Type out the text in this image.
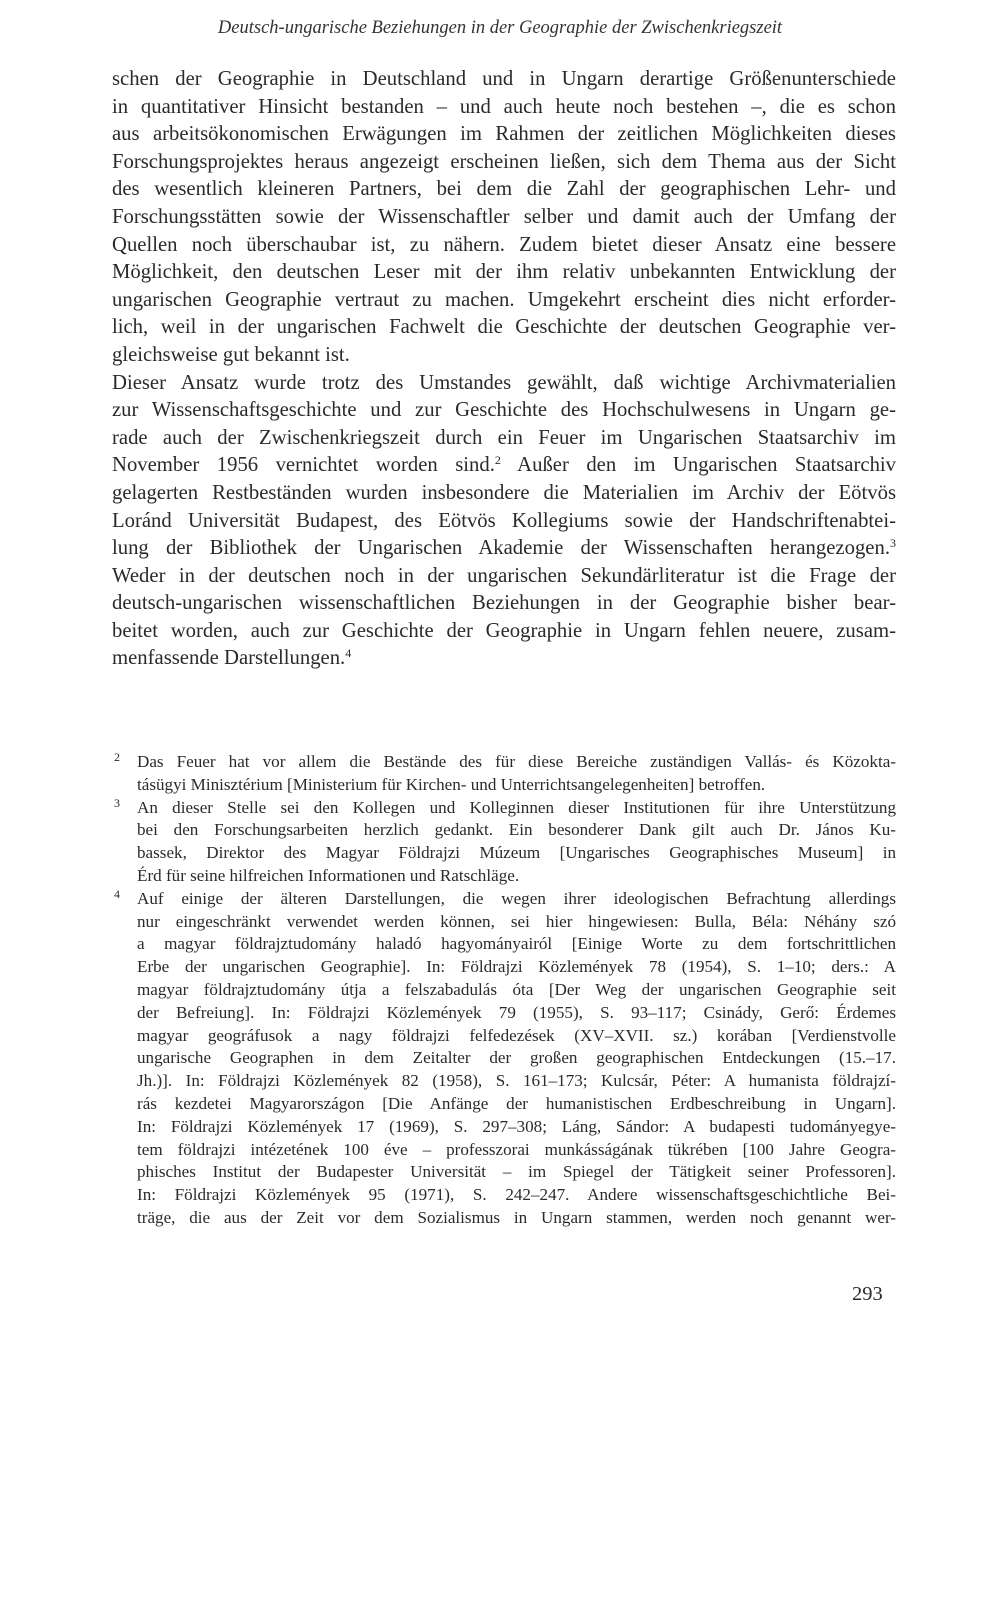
Deutsch-ungarische Beziehungen in der Geographie der Zwischenkriegszeit
schen der Geographie in Deutschland und in Ungarn derartige Größenunterschiede
in quantitativer Hinsicht bestanden – und auch heute noch bestehen –, die es schon
aus arbeitsökonomischen Erwägungen im Rahmen der zeitlichen Möglichkeiten dieses
Forschungsprojektes heraus angezeigt erscheinen ließen, sich dem Thema aus der Sicht
des wesentlich kleineren Partners, bei dem die Zahl der geographischen Lehr- und
Forschungsstätten sowie der Wissenschaftler selber und damit auch der Umfang der
Quellen noch überschaubar ist, zu nähern. Zudem bietet dieser Ansatz eine bessere
Möglichkeit, den deutschen Leser mit der ihm relativ unbekannten Entwicklung der
ungarischen Geographie vertraut zu machen. Umgekehrt erscheint dies nicht erforder-
lich, weil in der ungarischen Fachwelt die Geschichte der deutschen Geographie ver-
gleichsweise gut bekannt ist.
Dieser Ansatz wurde trotz des Umstandes gewählt, daß wichtige Archivmaterialien
zur Wissenschaftsgeschichte und zur Geschichte des Hochschulwesens in Ungarn ge-
rade auch der Zwischenkriegszeit durch ein Feuer im Ungarischen Staatsarchiv im
November 1956 vernichtet worden sind.$^2$ Außer den im Ungarischen Staatsarchiv
gelagerten Restbeständen wurden insbesondere die Materialien im Archiv der Eötvös
Loránd Universität Budapest, des Eötvös Kollegiums sowie der Handschriftenabtei-
lung der Bibliothek der Ungarischen Akademie der Wissenschaften herangezogen.$^3$
Weder in der deutschen noch in der ungarischen Sekundärliteratur ist die Frage der
deutsch-ungarischen wissenschaftlichen Beziehungen in der Geographie bisher bear-
beitet worden, auch zur Geschichte der Geographie in Ungarn fehlen neuere, zusam-
menfassende Darstellungen.$^4$
2 Das Feuer hat vor allem die Bestände des für diese Bereiche zuständigen Vallás- és Közokta-
tásügyi Minisztérium [Ministerium für Kirchen- und Unterrichtsangelegenheiten] betroffen.
3 An dieser Stelle sei den Kollegen und Kolleginnen dieser Institutionen für ihre Unterstützung
bei den Forschungsarbeiten herzlich gedankt. Ein besonderer Dank gilt auch Dr. János Ku-
bassek, Direktor des Magyar Földrajzi Múzeum [Ungarisches Geographisches Museum] in
Érd für seine hilfreichen Informationen und Ratschläge.
4 Auf einige der älteren Darstellungen, die wegen ihrer ideologischen Befrachtung allerdings
nur eingeschränkt verwendet werden können, sei hier hingewiesen: Bulla, Béla: Néhány szó
a magyar földrajztudomány haladó hagyományairól [Einige Worte zu dem fortschrittlichen
Erbe der ungarischen Geographie]. In: Földrajzi Közlemények 78 (1954), S. 1–10; ders.: A
magyar földrajztudomány útja a felszabadulás óta [Der Weg der ungarischen Geographie seit
der Befreiung]. In: Földrajzi Közlemények 79 (1955), S. 93–117; Csinády, Gerő: Érdemes
magyar geográfusok a nagy földrajzi felfedezések (XV–XVII. sz.) korában [Verdienstvolle
ungarische Geographen in dem Zeitalter der großen geographischen Entdeckungen (15.–17.
Jh.)]. In: Földrajzi Közlemények 82 (1958), S. 161–173; Kulcsár, Péter: A humanista földrajzí-
rás kezdetei Magyarországon [Die Anfänge der humanistischen Erdbeschreibung in Ungarn].
In: Földrajzi Közlemények 17 (1969), S. 297–308; Láng, Sándor: A budapesti tudományegye-
tem földrajzi intézetének 100 éve – professzorai munkásságának tükrében [100 Jahre Geogra-
phisches Institut der Budapester Universität – im Spiegel der Tätigkeit seiner Professoren].
In: Földrajzi Közlemények 95 (1971), S. 242–247. Andere wissenschaftsgeschichtliche Bei-
träge, die aus der Zeit vor dem Sozialismus in Ungarn stammen, werden noch genannt wer-
293
